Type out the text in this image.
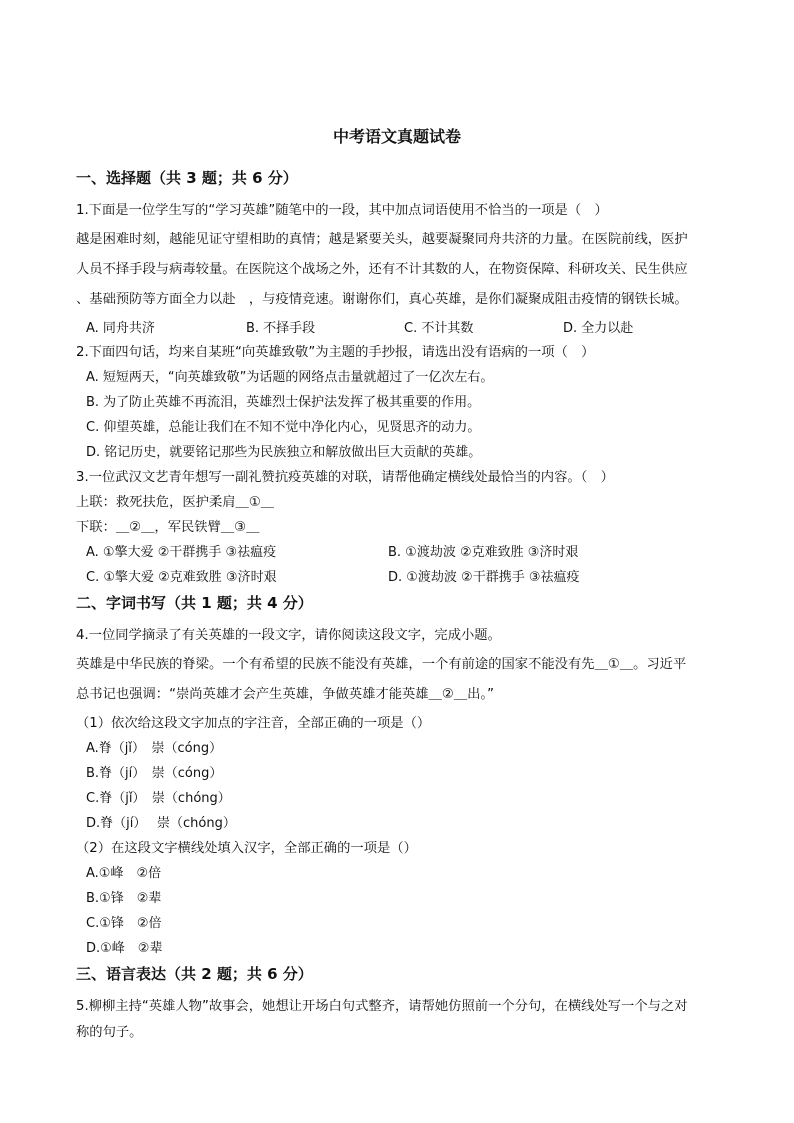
中考语文真题试卷
一、选择题（共 3 题；共 6 分）
1.下面是一位学生写的“学习英雄”随笔中的一段，其中加点词语使用不恰当的一项是（　）
越是困难时刻，越能见证守望相助的真情；越是紧要关头，越要凝聚同舟共济的力量。在医院前线，医护
人员不择手段与病毒较量。在医院这个战场之外，还有不计其数的人，在物资保障、科研攻关、民生供应
、基础预防等方面全力以赴　，与疫情竞速。谢谢你们，真心英雄，是你们凝聚成阻击疫情的钢铁长城。
A. 同舟共济	B. 不择手段	C. 不计其数	D. 全力以赴
2.下面四句话，均来自某班“向英雄致敬”为主题的手抄报，请选出没有语病的一项（　）
A. 短短两天，“向英雄致敬”为话题的网络点击量就超过了一亿次左右。
B. 为了防止英雄不再流泪，英雄烈士保护法发挥了极其重要的作用。
C. 仰望英雄，总能让我们在不知不觉中净化内心，见贤思齐的动力。
D. 铭记历史，就要铭记那些为民族独立和解放做出巨大贡献的英雄。
3.一位武汉文艺青年想写一副礼赞抗疫英雄的对联，请帮他确定横线处最恰当的内容。（　）
上联：救死扶危，医护柔肩＿①＿
下联：＿②＿，军民铁臂＿③＿
A. ①擎大爱 ②干群携手 ③祛瘟疫	B. ①渡劫波 ②克难致胜 ③济时艰
C. ①擎大爱 ②克难致胜 ③济时艰	D. ①渡劫波 ②干群携手 ③祛瘟疫
二、字词书写（共 1 题；共 4 分）
4.一位同学摘录了有关英雄的一段文字，请你阅读这段文字，完成小题。
英雄是中华民族的脊梁。一个有希望的民族不能没有英雄，一个有前途的国家不能没有先＿①＿。习近平
总书记也强调：“崇尚英雄才会产生英雄，争做英雄才能英雄＿②＿出。”
（1）依次给这段文字加点的字注音，全部正确的一项是（）
A.脊（jǐ）　崇（cóng）
B.脊（jí）　崇（cóng）
C.脊（jǐ）　崇（chóng）
D.脊（jí）　 崇（chóng）
（2）在这段文字横线处填入汉字，全部正确的一项是（）
A.①峰　②倍
B.①锋　②辈
C.①锋　②倍
D.①峰　②辈
三、语言表达（共 2 题；共 6 分）
5.柳柳主持“英雄人物”故事会，她想让开场白句式整齐，请帮她仿照前一个分句，在横线处写一个与之对
称的句子。
